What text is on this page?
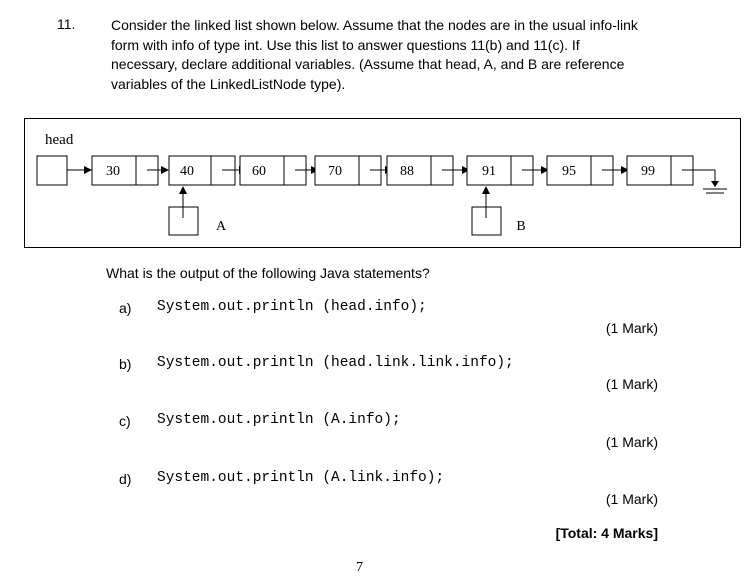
11.	Consider the linked list shown below. Assume that the nodes are in the usual info-link
form with info of type int. Use this list to answer questions 11(b) and 11(c). If
necessary, declare additional variables. (Assume that head, A, and B are reference
variables of the LinkedListNode type).
head
30	40	60	70	88	91	95	99
A	B
What is the output of the following Java statements?
a) System.out.println (head.info);
(1 Mark)
b) System.out.println (head.link.link.info);
(1 Mark)
c) System.out.println (A.info);
(1 Mark)
d) System.out.println (A.link.info);
(1 Mark)
[Total: 4 Marks]
7
